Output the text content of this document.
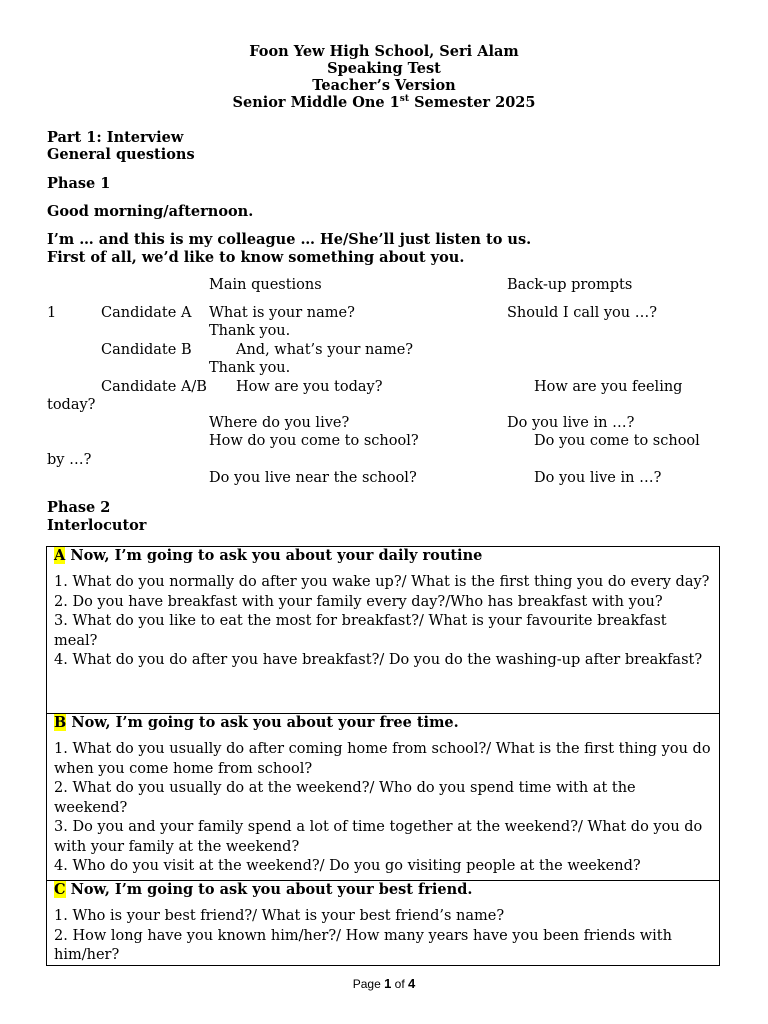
Foon Yew High School, Seri Alam
Speaking Test
Teacher’s Version
Senior Middle One 1st Semester 2025
Part 1: Interview
General questions
Phase 1
Good morning/afternoon.
I’m … and this is my colleague … He/She’ll just listen to us.
First of all, we’d like to know something about you.
Main questions	Back-up prompts
1	Candidate A What is your name?	Should I call you …?
Thank you.
Candidate B	And, what’s your name?
Thank you.
Candidate A/B How are you today?	How are you feeling
today?
Where do you live?	Do you live in …?
How do you come to school?	Do you come to school
by …?
Do you live near the school?	Do you live in …?
Phase 2
Interlocutor
A Now, I’m going to ask you about your daily routine
1. What do you normally do after you wake up?/ What is the first thing you do every day?
2. Do you have breakfast with your family every day?/Who has breakfast with you?
3. What do you like to eat the most for breakfast?/ What is your favourite breakfast meal?
4. What do you do after you have breakfast?/ Do you do the washing-up after breakfast?
B Now, I’m going to ask you about your free time.
1. What do you usually do after coming home from school?/ What is the first thing you do when you come home from school?
2. What do you usually do at the weekend?/ Who do you spend time with at the weekend?
3. Do you and your family spend a lot of time together at the weekend?/ What do you do with your family at the weekend?
4. Who do you visit at the weekend?/ Do you go visiting people at the weekend?
C Now, I’m going to ask you about your best friend.
1. Who is your best friend?/ What is your best friend’s name?
2. How long have you known him/her?/ How many years have you been friends with him/her?
Page 1 of 4
